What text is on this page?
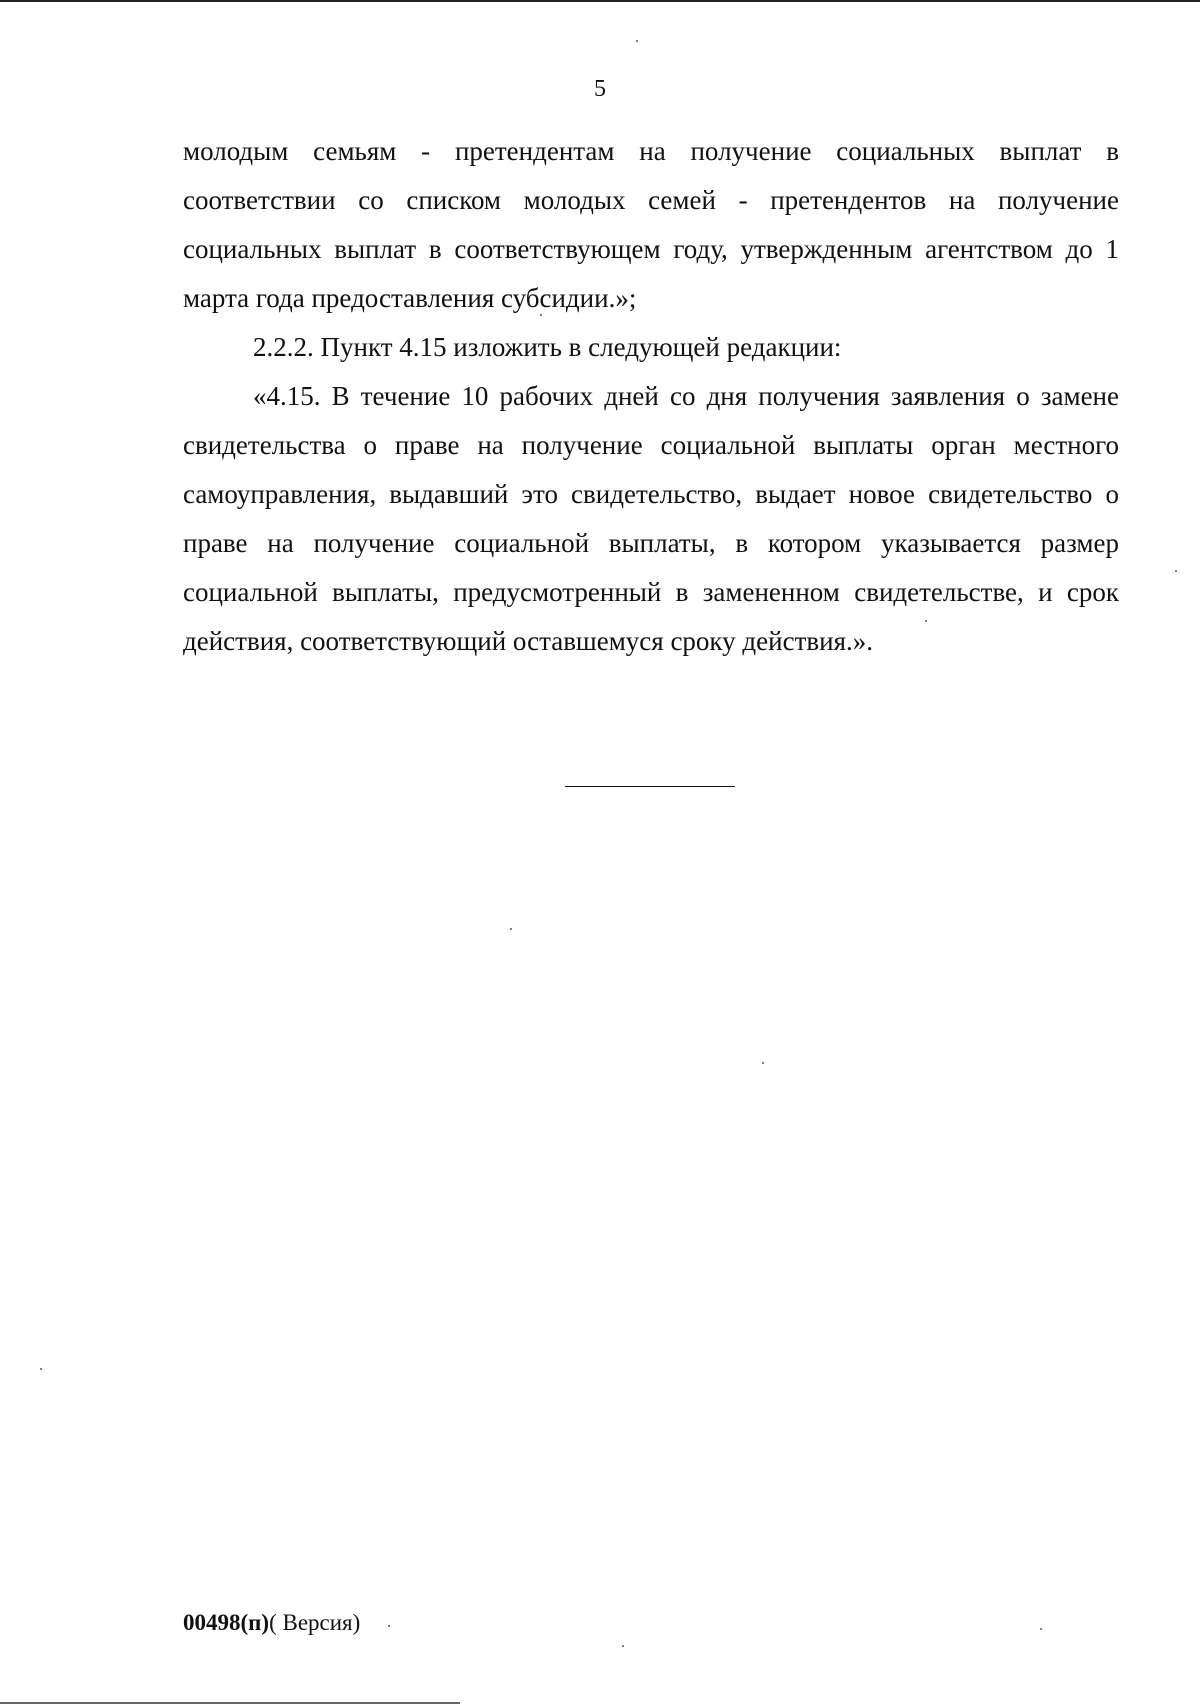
5

молодым семьям - претендентам на получение социальных выплат в
соответствии со списком молодых семей - претендентов на получение
социальных выплат в соответствующем году, утвержденным агентством до 1
марта года предоставления субсидии.»;

2.2.2. Пункт 4.15 изложить в следующей редакции:

«4.15. В течение 10 рабочих дней со дня получения заявления о замене
свидетельства о праве на получение социальной выплаты орган местного
самоуправления, выдавший это свидетельство, выдает новое свидетельство о
праве на получение социальной выплаты, в котором указывается размер
социальной выплаты, предусмотренный в замененном свидетельстве, и срок
действия, соответствующий оставшемуся сроку действия.».

00498(п)( Версия)
